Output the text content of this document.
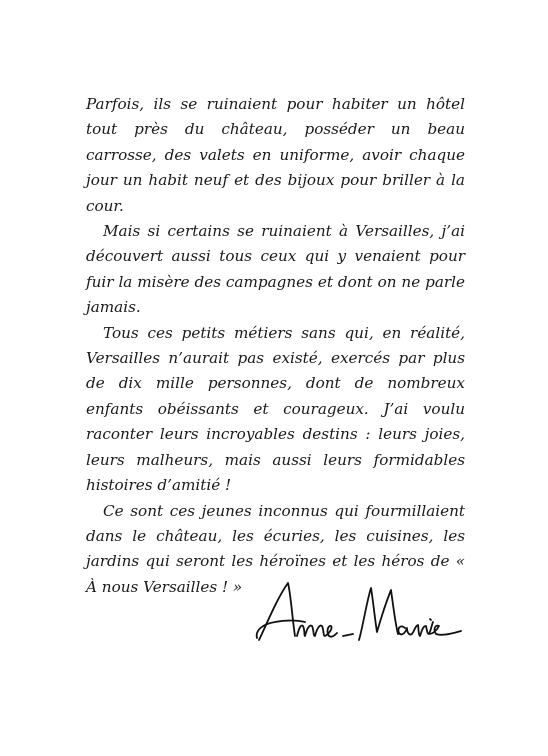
Parfois, ils se ruinaient pour habiter un hôtel tout près du château, posséder un beau carrosse, des valets en uniforme, avoir chaque jour un habit neuf et des bijoux pour briller à la cour.

Mais si certains se ruinaient à Versailles, j’ai découvert aussi tous ceux qui y venaient pour fuir la misère des campagnes et dont on ne parle jamais.

Tous ces petits métiers sans qui, en réalité, Versailles n’aurait pas existé, exercés par plus de dix mille personnes, dont de nombreux enfants obéissants et courageux. J’ai voulu raconter leurs incroyables destins : leurs joies, leurs malheurs, mais aussi leurs formidables histoires d’amitié !

Ce sont ces jeunes inconnus qui fourmillaient dans le château, les écuries, les cuisines, les jardins qui seront les héroïnes et les héros de « À nous Versailles ! »
